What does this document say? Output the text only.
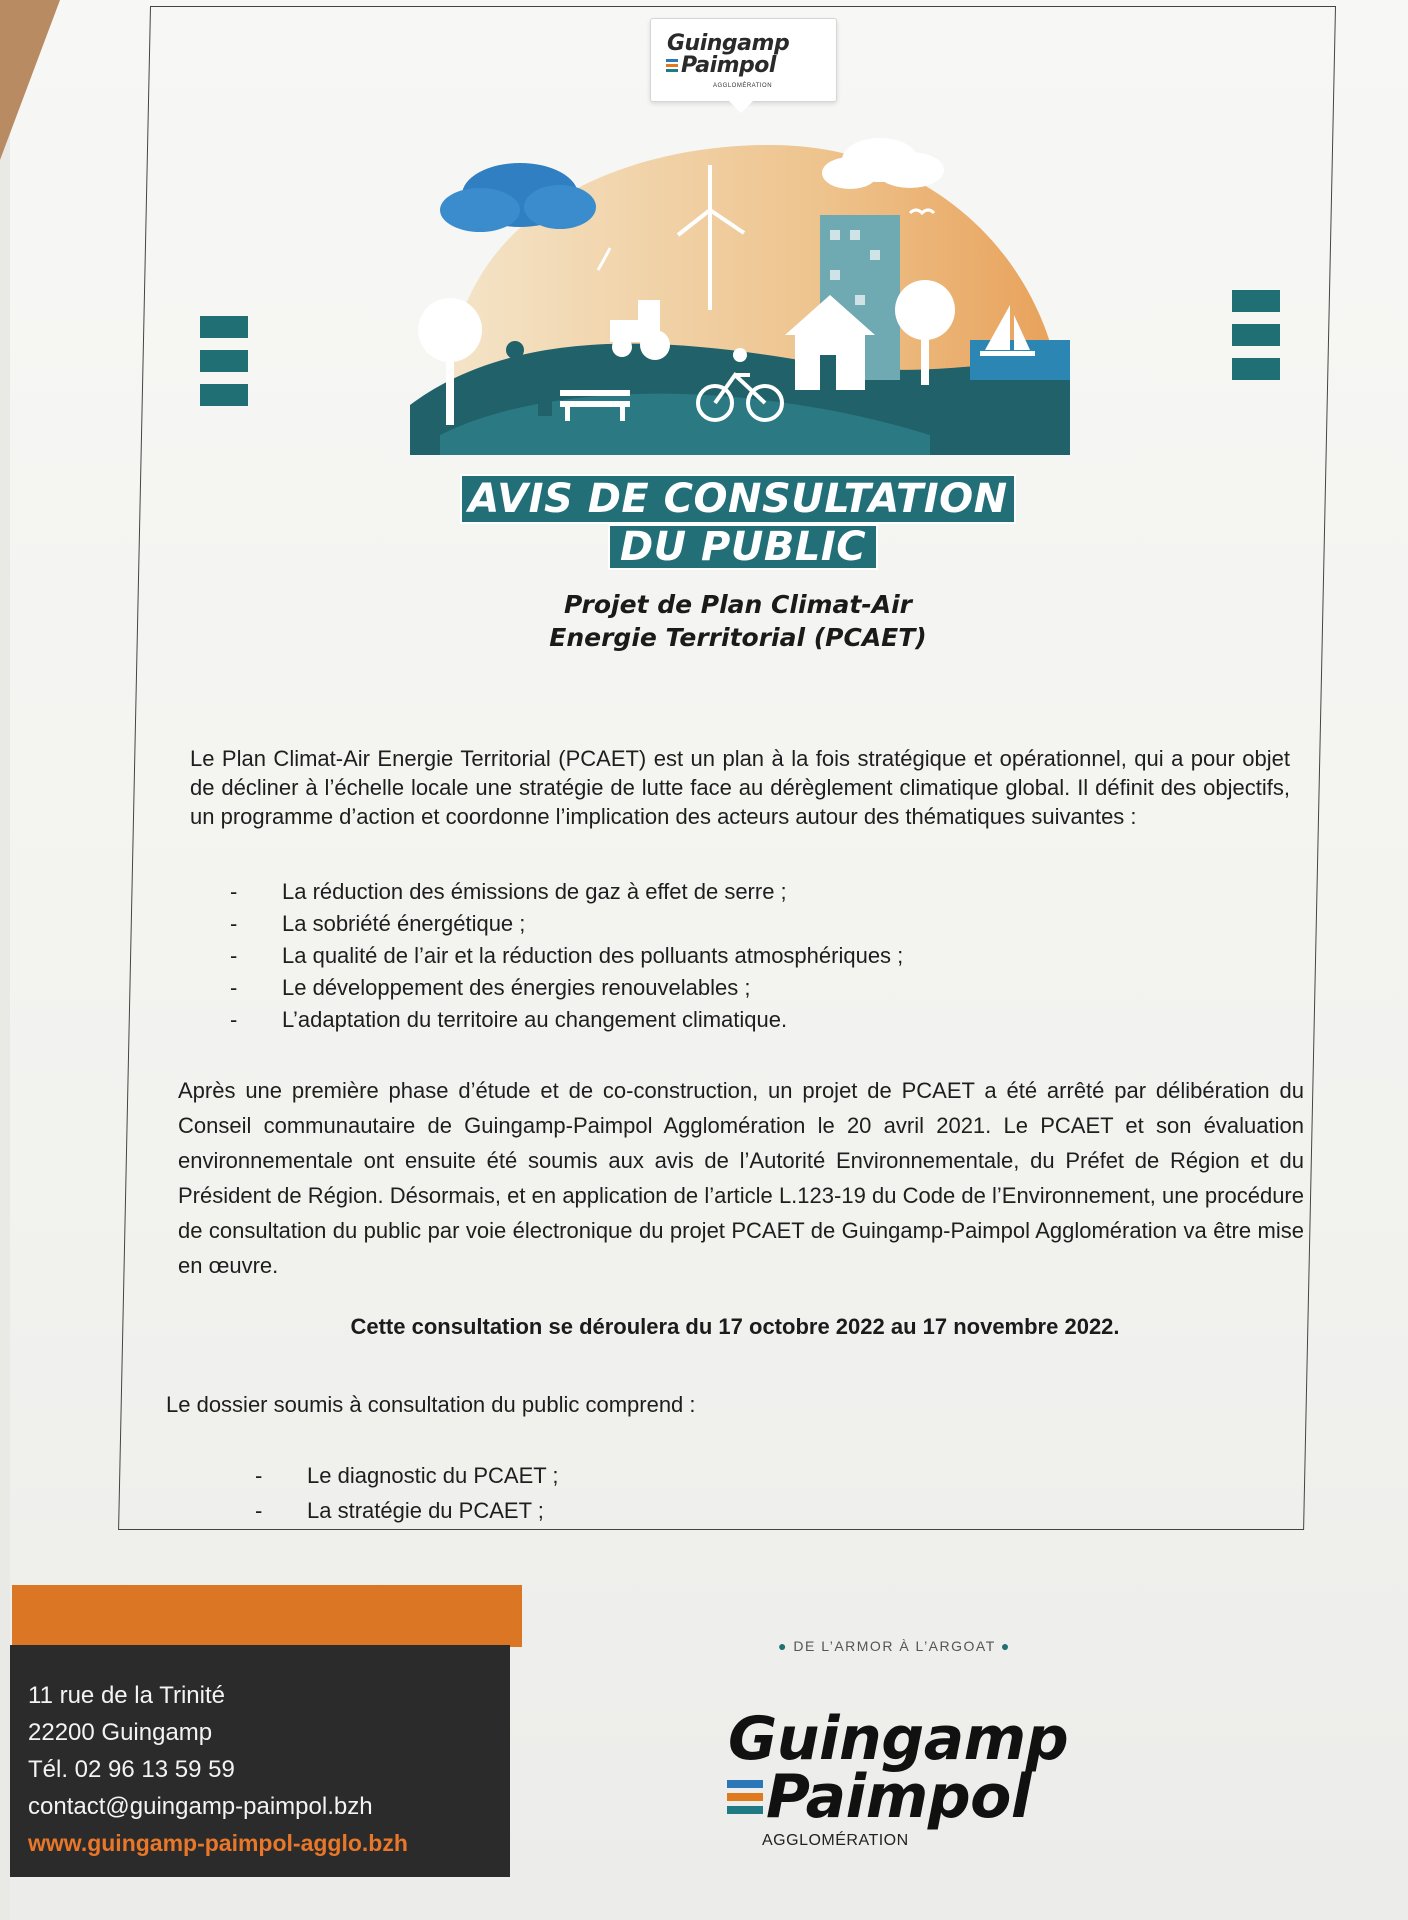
Guingamp
Paimpol
AGGLOMÉRATION
AVIS DE CONSULTATION
DU PUBLIC
Projet de Plan Climat-Air
Energie Territorial (PCAET)
Le Plan Climat-Air Energie Territorial (PCAET) est un plan à la fois stratégique et opérationnel, qui a pour objet de décliner à l’échelle locale une stratégie de lutte face au dérèglement climatique global. Il définit des objectifs, un programme d’action et coordonne l’implication des acteurs autour des thématiques suivantes :
- La réduction des émissions de gaz à effet de serre ;
- La sobriété énergétique ;
- La qualité de l’air et la réduction des polluants atmosphériques ;
- Le développement des énergies renouvelables ;
- L’adaptation du territoire au changement climatique.
Après une première phase d’étude et de co-construction, un projet de PCAET a été arrêté par délibération du Conseil communautaire de Guingamp-Paimpol Agglomération le 20 avril 2021. Le PCAET et son évaluation environnementale ont ensuite été soumis aux avis de l’Autorité Environnementale, du Préfet de Région et du Président de Région. Désormais, et en application de l’article L.123-19 du Code de l’Environnement, une procédure de consultation du public par voie électronique du projet PCAET de Guingamp-Paimpol Agglomération va être mise en œuvre.
Cette consultation se déroulera du 17 octobre 2022 au 17 novembre 2022.
Le dossier soumis à consultation du public comprend :
- Le diagnostic du PCAET ;
- La stratégie du PCAET ;
11 rue de la Trinité
22200 Guingamp
Tél. 02 96 13 59 59
contact@guingamp-paimpol.bzh
www.guingamp-paimpol-agglo.bzh
● DE L’ARMOR À L’ARGOAT ●
Guingamp
Paimpol
AGGLOMÉRATION
